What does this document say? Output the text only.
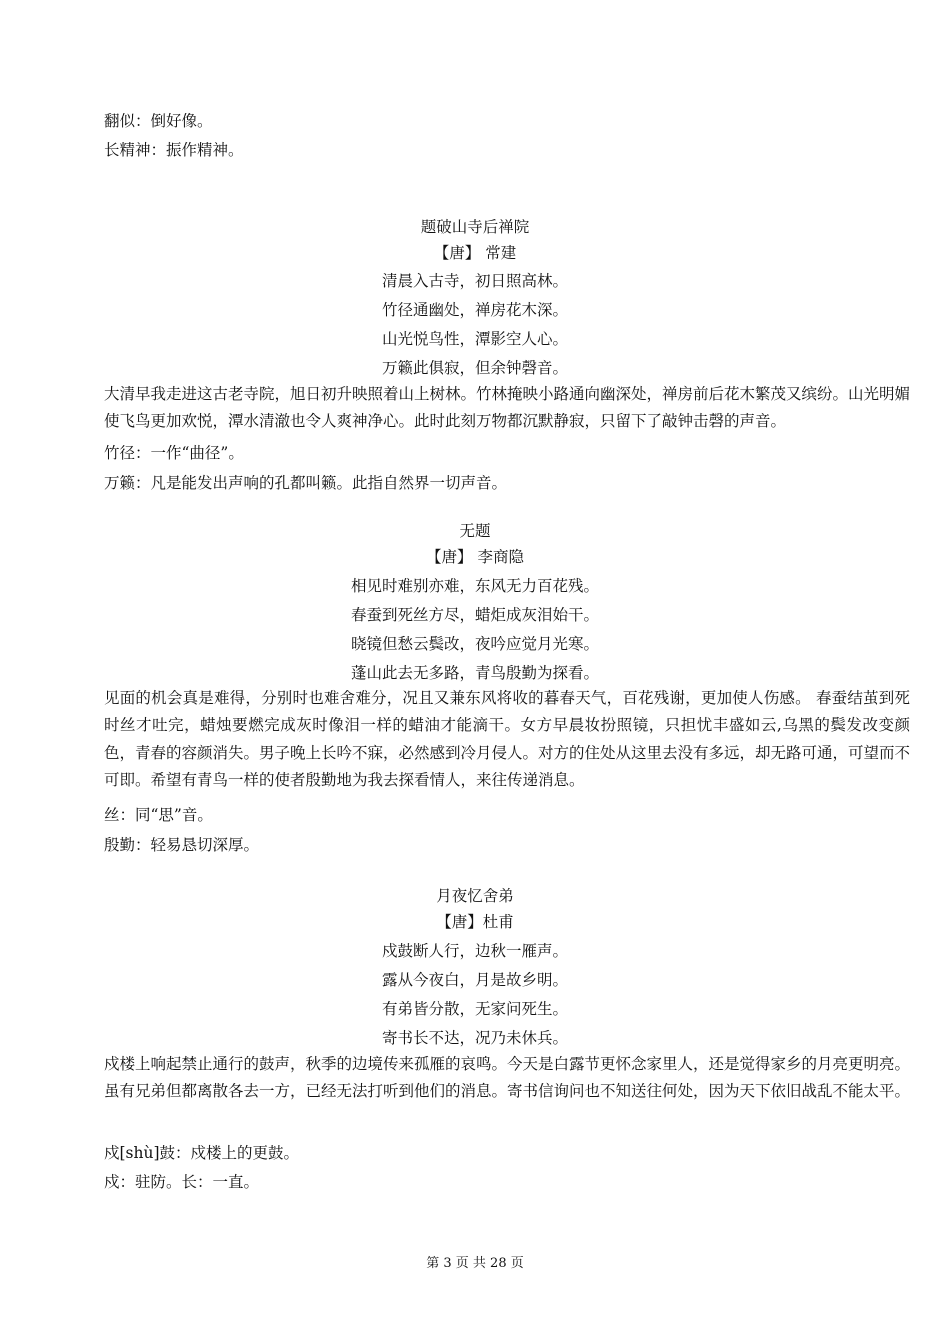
翻似：倒好像。
长精神：振作精神。
题破山寺后禅院
【唐】 常建
清晨入古寺，初日照高林。
竹径通幽处，禅房花木深。
山光悦鸟性，潭影空人心。
万籁此俱寂，但余钟磬音。
大清早我走进这古老寺院，旭日初升映照着山上树林。竹林掩映小路通向幽深处，禅房前后花木繁茂又缤纷。山光明媚使飞鸟更加欢悦，潭水清澈也令人爽神净心。此时此刻万物都沉默静寂，只留下了敲钟击磬的声音。
竹径：一作“曲径”。
万籁：凡是能发出声响的孔都叫籁。此指自然界一切声音。
无题
【唐】 李商隐
相见时难别亦难，东风无力百花残。
春蚕到死丝方尽，蜡炬成灰泪始干。
晓镜但愁云鬓改，夜吟应觉月光寒。
蓬山此去无多路，青鸟殷勤为探看。
见面的机会真是难得，分别时也难舍难分，况且又兼东风将收的暮春天气，百花残谢，更加使人伤感。 春蚕结茧到死时丝才吐完，蜡烛要燃完成灰时像泪一样的蜡油才能滴干。女方早晨妆扮照镜，只担忧丰盛如云,乌黑的鬓发改变颜色，青春的容颜消失。男子晚上长吟不寐，必然感到冷月侵人。对方的住处从这里去没有多远，却无路可通，可望而不可即。希望有青鸟一样的使者殷勤地为我去探看情人，来往传递消息。
丝：同“思”音。
殷勤：轻易恳切深厚。
月夜忆舍弟
【唐】杜甫
戍鼓断人行，边秋一雁声。
露从今夜白，月是故乡明。
有弟皆分散，无家问死生。
寄书长不达，况乃未休兵。
戍楼上响起禁止通行的鼓声，秋季的边境传来孤雁的哀鸣。今天是白露节更怀念家里人，还是觉得家乡的月亮更明亮。虽有兄弟但都离散各去一方，已经无法打听到他们的消息。寄书信询问也不知送往何处，因为天下依旧战乱不能太平。
戍[shù]鼓：戍楼上的更鼓。
戍：驻防。长：一直。
第 3 页 共 28 页
